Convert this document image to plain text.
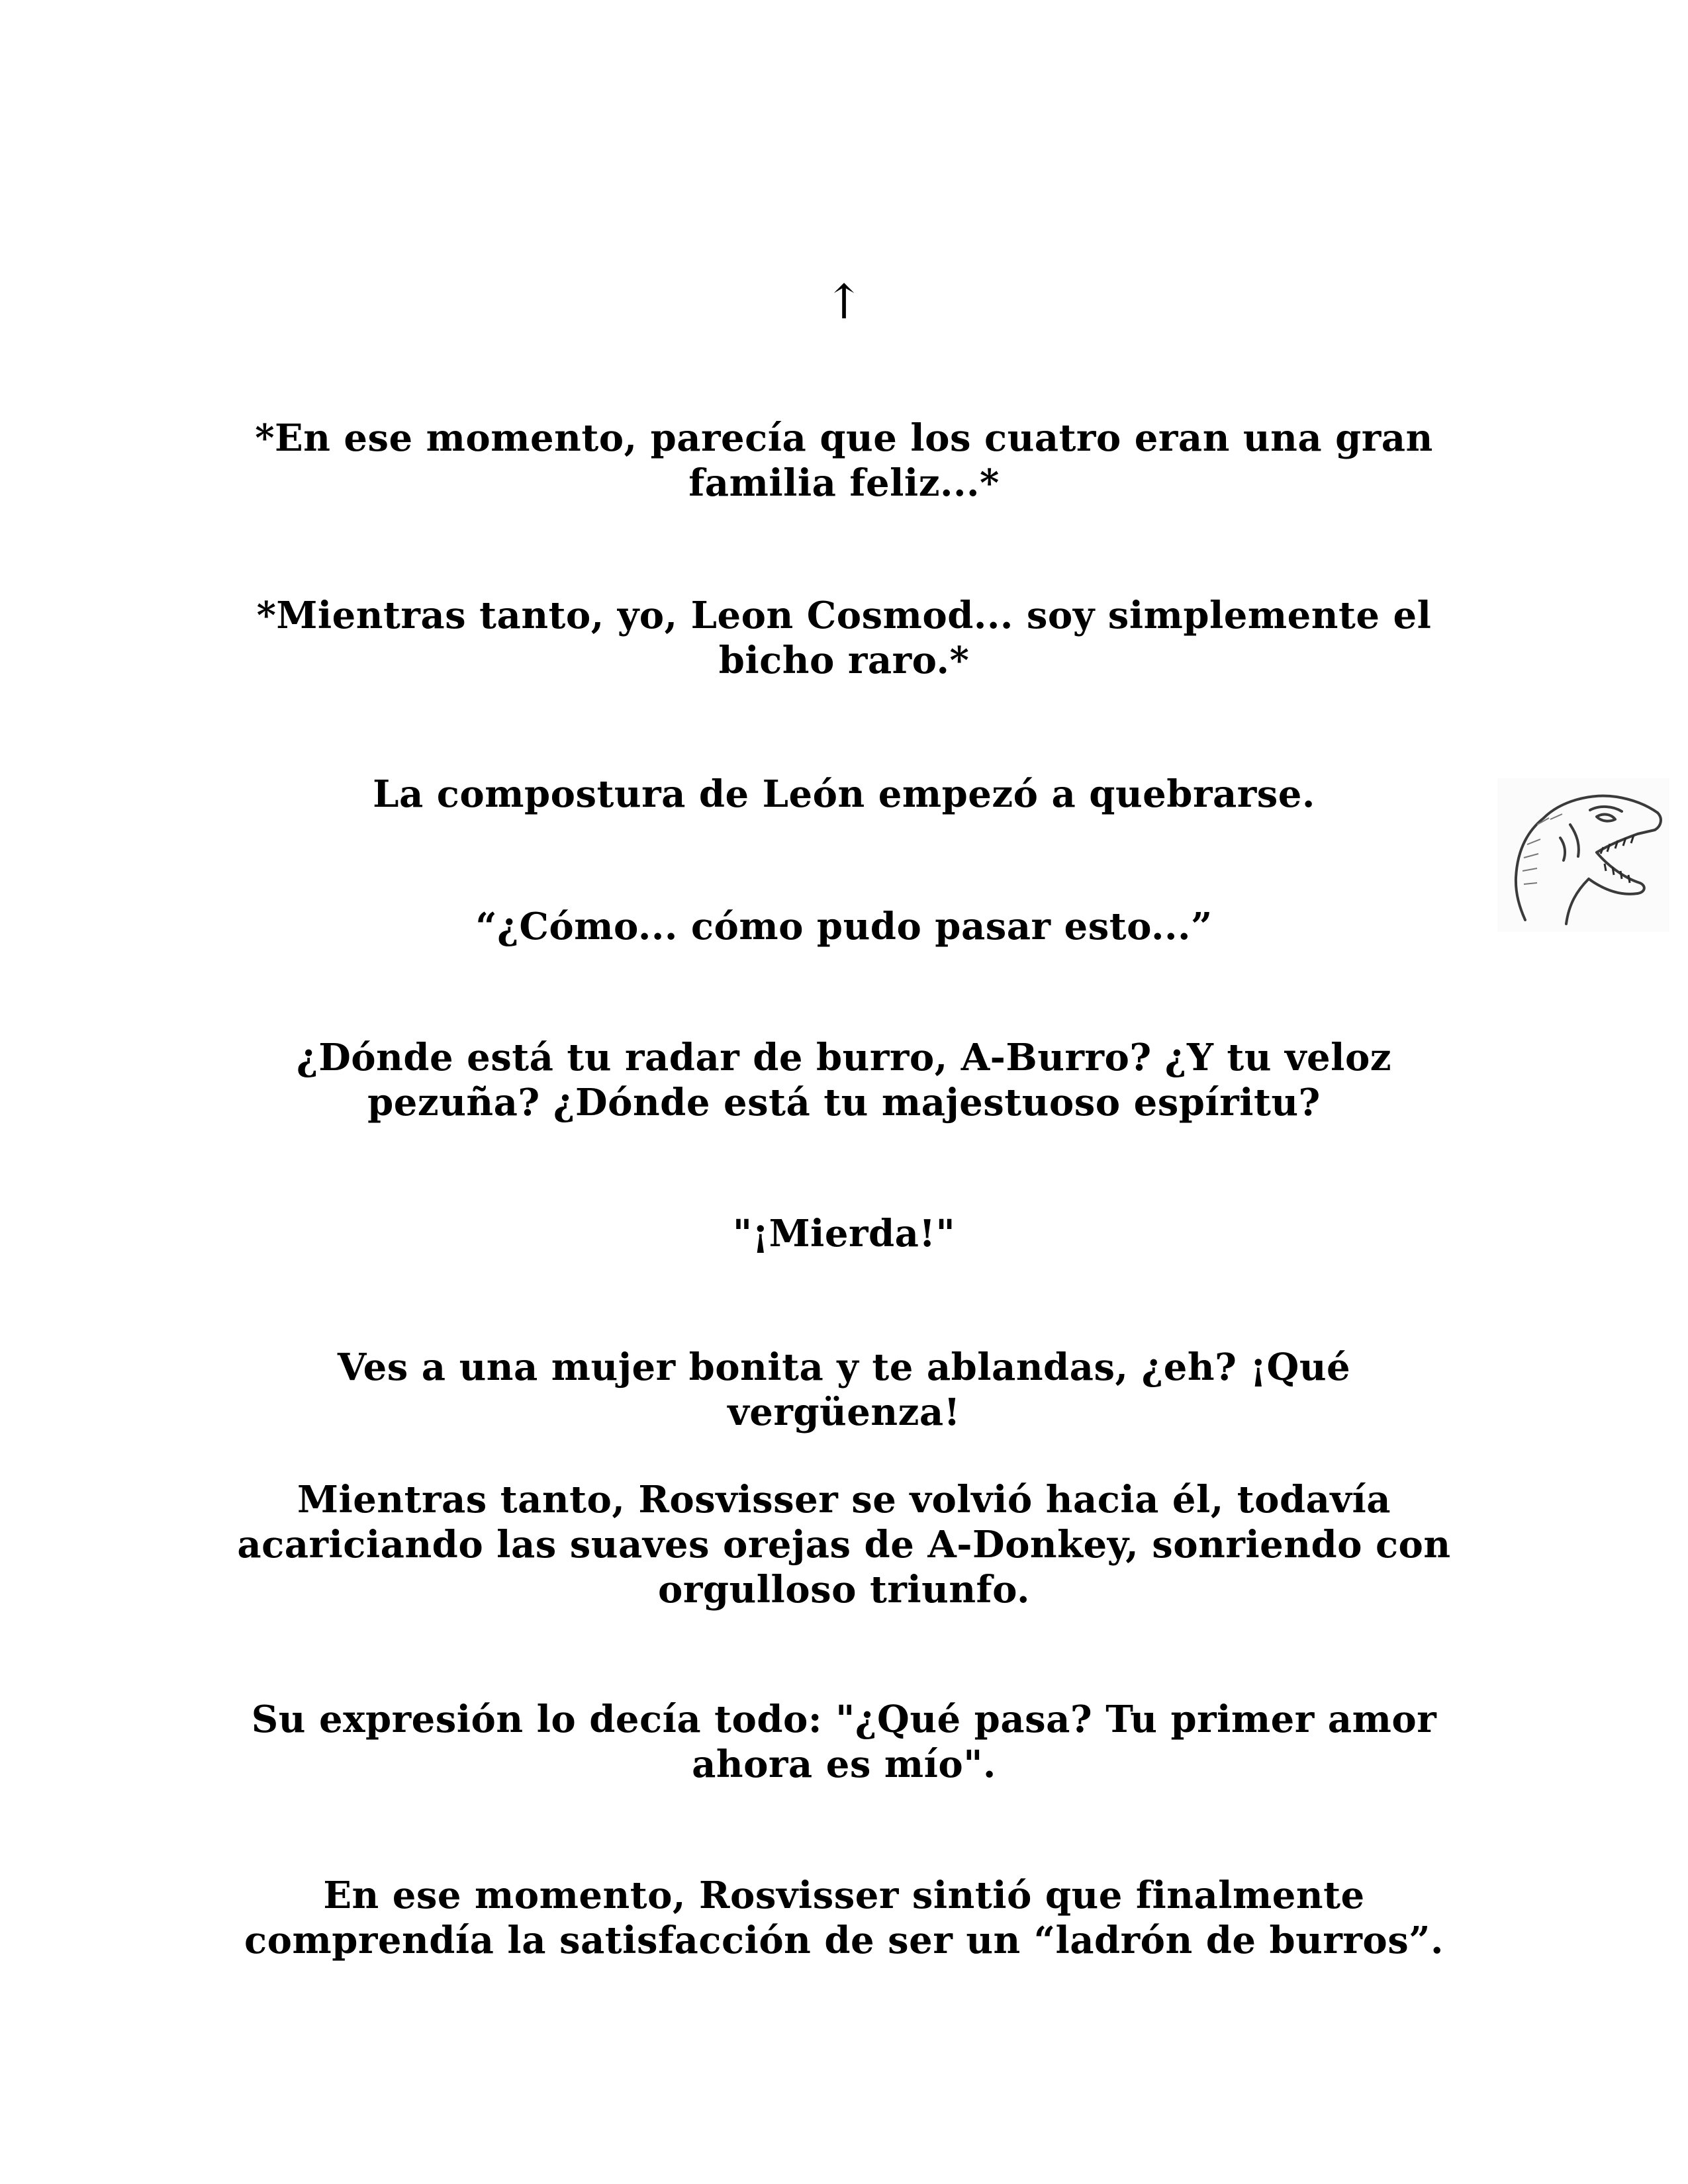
↑
*En ese momento, parecía que los cuatro eran una gran familia feliz...*
*Mientras tanto, yo, Leon Cosmod... soy simplemente el bicho raro.*
La compostura de León empezó a quebrarse.
“¿Cómo... cómo pudo pasar esto...”
¿Dónde está tu radar de burro, A-Burro? ¿Y tu veloz pezuña? ¿Dónde está tu majestuoso espíritu?
"¡Mierda!"
Ves a una mujer bonita y te ablandas, ¿eh? ¡Qué vergüenza!
Mientras tanto, Rosvisser se volvió hacia él, todavía acariciando las suaves orejas de A-Donkey, sonriendo con orgulloso triunfo.
Su expresión lo decía todo: "¿Qué pasa? Tu primer amor ahora es mío".
En ese momento, Rosvisser sintió que finalmente comprendía la satisfacción de ser un “ladrón de burros”.
